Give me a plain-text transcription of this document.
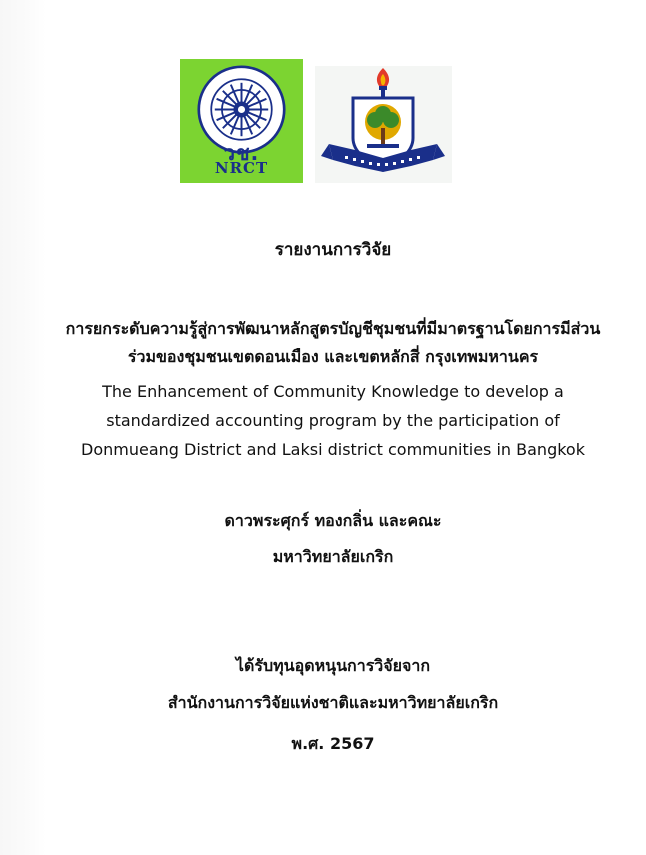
วช.
NRCT
รายงานการวิจัย
การยกระดับความรู้สู่การพัฒนาหลักสูตรบัญชีชุมชนที่มีมาตรฐานโดยการมีส่วน
ร่วมของชุมชนเขตดอนเมือง และเขตหลักสี่ กรุงเทพมหานคร
The Enhancement of Community Knowledge to develop a
standardized accounting program by the participation of
Donmueang District and Laksi district communities in Bangkok
ดาวพระศุกร์ ทองกลิ่น และคณะ
มหาวิทยาลัยเกริก
ได้รับทุนอุดหนุนการวิจัยจาก
สำนักงานการวิจัยแห่งชาติและมหาวิทยาลัยเกริก
พ.ศ. 2567
